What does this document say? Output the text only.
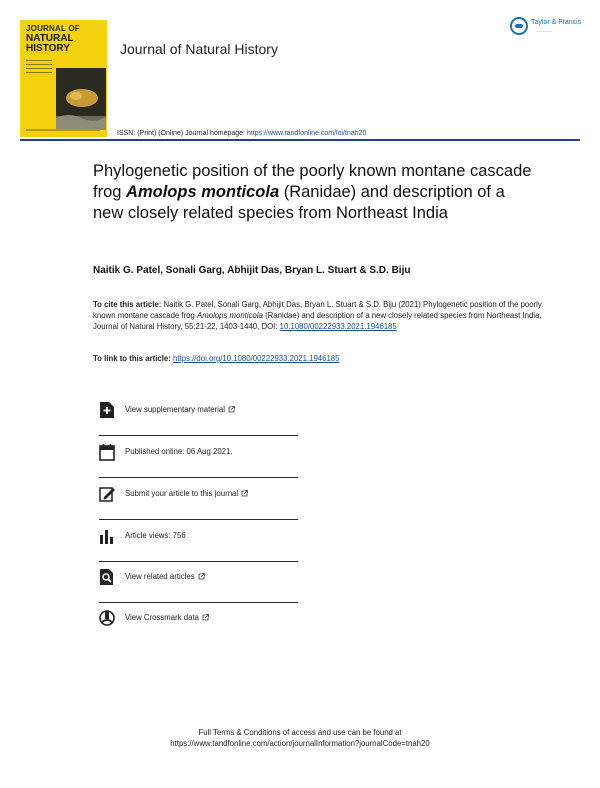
JOURNAL OF
NATURAL
HISTORY	Journal of Natural History
Taylor & Francis
————
ISSN: (Print) (Online) Journal homepage: https://www.tandfonline.com/loi/tnah20
Phylogenetic position of the poorly known montane cascade frog Amolops monticola (Ranidae) and description of a new closely related species from Northeast India
Naitik G. Patel, Sonali Garg, Abhijit Das, Bryan L. Stuart & S.D. Biju
To cite this article: Naitik G. Patel, Sonali Garg, Abhijit Das, Bryan L. Stuart & S.D. Biju (2021) Phylogenetic position of the poorly known montane cascade frog Amolops monticola (Ranidae) and description of a new closely related species from Northeast India, Journal of Natural History, 55:21-22, 1403-1440, DOI: 10.1080/00222933.2021.1946185
To link to this article: https://doi.org/10.1080/00222933.2021.1946185
View supplementary material
Published online: 06 Aug 2021.
Submit your article to this journal
Article views: 756
View related articles
View Crossmark data
Full Terms & Conditions of access and use can be found at
https://www.tandfonline.com/action/journalInformation?journalCode=tnah20
